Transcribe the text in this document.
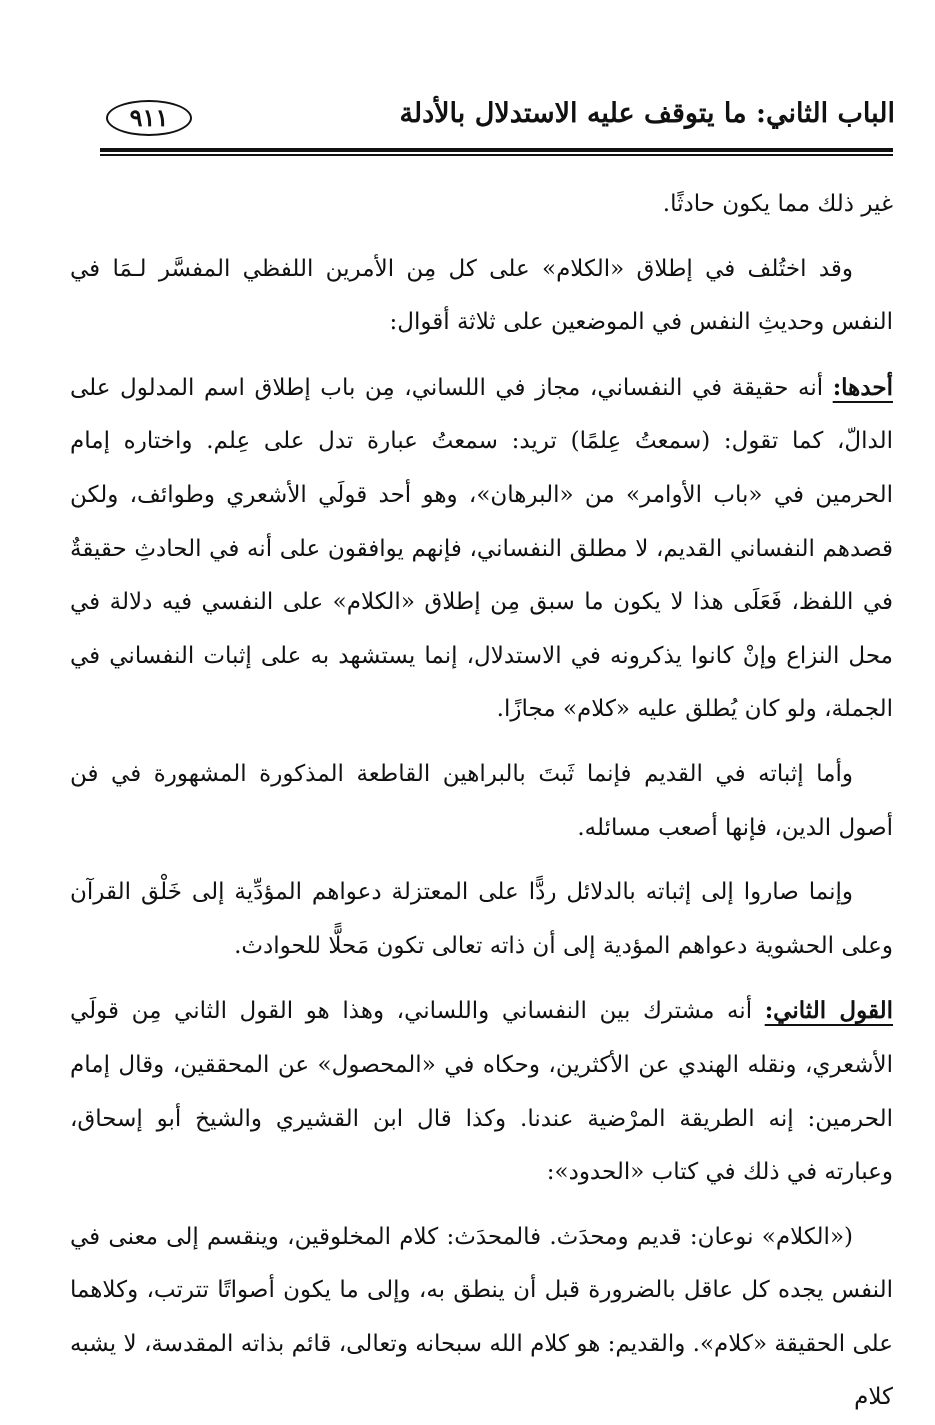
الباب الثاني: ما يتوقف عليه الاستدلال بالأدلة
٩١١

غير ذلك مما يكون حادثًا.

وقد اختُلف في إطلاق «الكلام» على كل مِن الأمرين اللفظي المفسَّر لـمَا في النفس وحديثِ النفس في الموضعين على ثلاثة أقوال:

أحدها: أنه حقيقة في النفساني، مجاز في اللساني، مِن باب إطلاق اسم المدلول على الدالّ، كما تقول: (سمعتُ عِلمًا) تريد: سمعتُ عبارة تدل على عِلم. واختاره إمام الحرمين في «باب الأوامر» من «البرهان»، وهو أحد قولَي الأشعري وطوائف، ولكن قصدهم النفساني القديم، لا مطلق النفساني، فإنهم يوافقون على أنه في الحادثِ حقيقةٌ في اللفظ، فَعَلَى هذا لا يكون ما سبق مِن إطلاق «الكلام» على النفسي فيه دلالة في محل النزاع وإنْ كانوا يذكرونه في الاستدلال، إنما يستشهد به على إثبات النفساني في الجملة، ولو كان يُطلق عليه «كلام» مجازًا.

وأما إثباته في القديم فإنما ثَبتَ بالبراهين القاطعة المذكورة المشهورة في فن أصول الدين، فإنها أصعب مسائله.

وإنما صاروا إلى إثباته بالدلائل ردًّا على المعتزلة دعواهم المؤدِّية إلى خَلْق القرآن وعلى الحشوية دعواهم المؤدية إلى أن ذاته تعالى تكون مَحلًّا للحوادث.

القول الثاني: أنه مشترك بين النفساني واللساني، وهذا هو القول الثاني مِن قولَي الأشعري، ونقله الهندي عن الأكثرين، وحكاه في «المحصول» عن المحققين، وقال إمام الحرمين: إنه الطريقة المرْضية عندنا. وكذا قال ابن القشيري والشيخ أبو إسحاق، وعبارته في ذلك في كتاب «الحدود»:

(«الكلام» نوعان: قديم ومحدَث. فالمحدَث: كلام المخلوقين، وينقسم إلى معنى في النفس يجده كل عاقل بالضرورة قبل أن ينطق به، وإلى ما يكون أصواتًا تترتب، وكلاهما على الحقيقة «كلام». والقديم: هو كلام الله سبحانه وتعالى، قائم بذاته المقدسة، لا يشبه كلام
